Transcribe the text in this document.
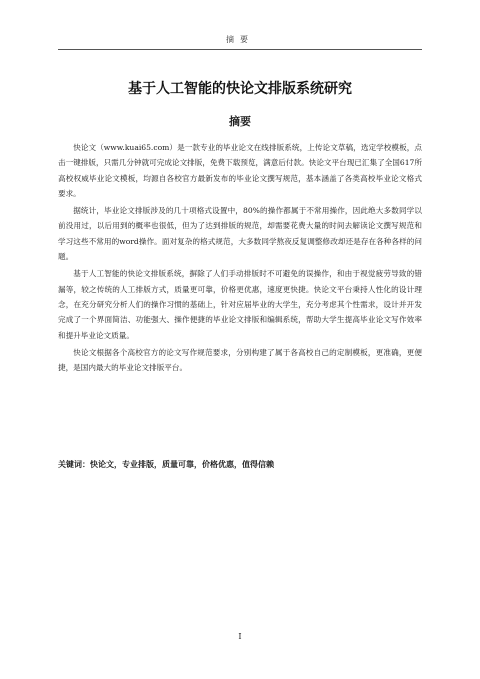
摘要
基于人工智能的快论文排版系统研究
摘要

快论文（www.kuai65.com）是一款专业的毕业论文在线排版系统，上传论文草稿，选定学校模板，点击一键排版，只需几分钟就可完成论文排版，免费下载预览，满意后付款。快论文平台现已汇集了全国617所高校权威毕业论文模板，均源自各校官方最新发布的毕业论文撰写规范，基本涵盖了各类高校毕业论文格式要求。

据统计，毕业论文排版涉及的几十项格式设置中，80%的操作都属于不常用操作，因此绝大多数同学以前没用过，以后用到的概率也很低，但为了达到排版的规范，却需要花费大量的时间去解读论文撰写规范和学习这些不常用的word操作。面对复杂的格式规范，大多数同学熬夜反复调整修改却还是存在各种各样的问题。

基于人工智能的快论文排版系统，摒除了人们手动排版时不可避免的误操作，和由于视觉疲劳导致的错漏等，较之传统的人工排版方式，质量更可靠，价格更优惠，速度更快捷。快论文平台秉持人性化的设计理念，在充分研究分析人们的操作习惯的基础上，针对应届毕业的大学生，充分考虑其个性需求，设计并开发完成了一个界面简洁、功能强大、操作便捷的毕业论文排版和编辑系统，帮助大学生提高毕业论文写作效率和提升毕业论文质量。

快论文根据各个高校官方的论文写作规范要求，分别构建了属于各高校自己的定制模板，更准确，更便捷，是国内最大的毕业论文排版平台。

关键词：快论文，专业排版，质量可靠，价格优惠，值得信赖
I
